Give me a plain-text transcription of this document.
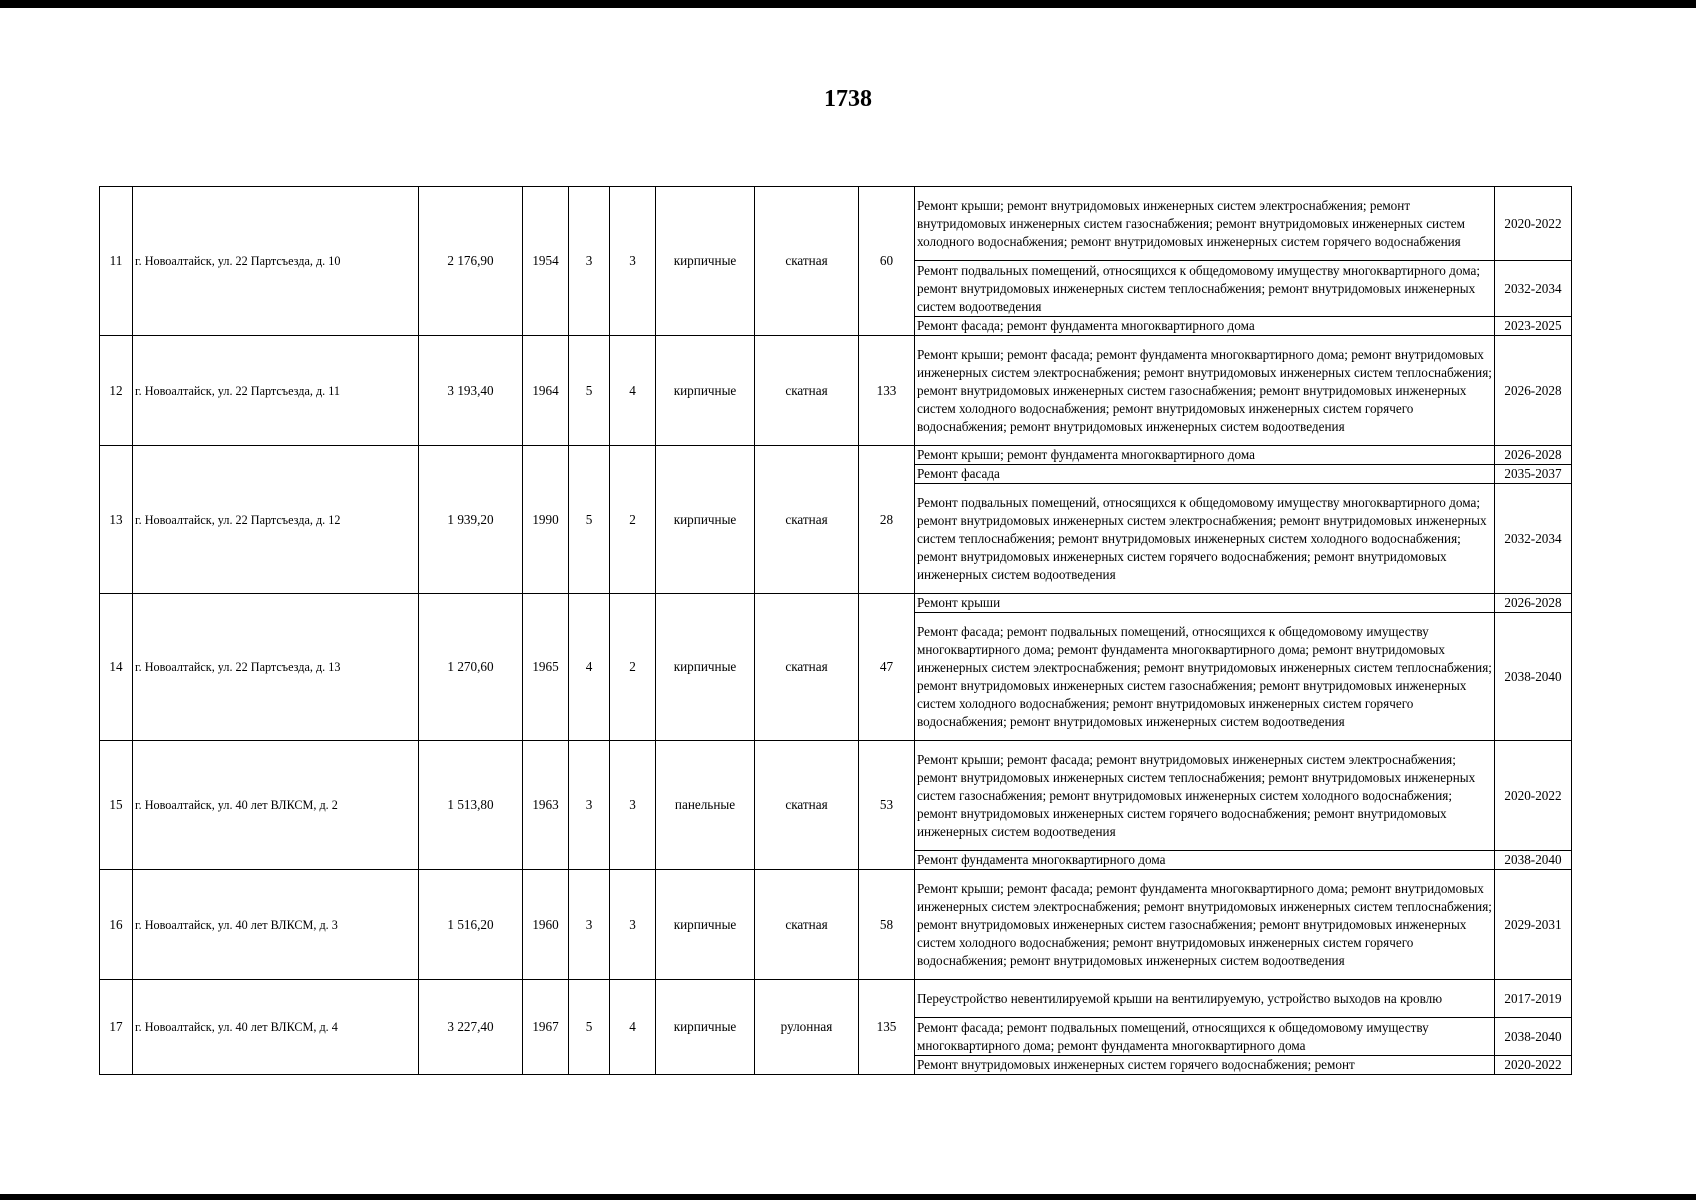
1738
11	г. Новоалтайск, ул. 22 Партсъезда, д. 10	2 176,90	1954	3	3	кирпичные	скатная	60	Ремонт крыши; ремонт внутридомовых инженерных систем электроснабжения; ремонт внутридомовых инженерных систем газоснабжения; ремонт внутридомовых инженерных систем холодного водоснабжения; ремонт внутридомовых инженерных систем горячего водоснабжения	2020-2022
									Ремонт подвальных помещений, относящихся к общедомовому имуществу многоквартирного дома; ремонт внутридомовых инженерных систем теплоснабжения; ремонт внутридомовых инженерных систем водоотведения	2032-2034
									Ремонт фасада; ремонт фундамента многоквартирного дома	2023-2025
12	г. Новоалтайск, ул. 22 Партсъезда, д. 11	3 193,40	1964	5	4	кирпичные	скатная	133	Ремонт крыши; ремонт фасада; ремонт фундамента многоквартирного дома; ремонт внутридомовых инженерных систем электроснабжения; ремонт внутридомовых инженерных систем теплоснабжения; ремонт внутридомовых инженерных систем газоснабжения; ремонт внутридомовых инженерных систем холодного водоснабжения; ремонт внутридомовых инженерных систем горячего водоснабжения; ремонт внутридомовых инженерных систем водоотведения	2026-2028
13	г. Новоалтайск, ул. 22 Партсъезда, д. 12	1 939,20	1990	5	2	кирпичные	скатная	28	Ремонт крыши; ремонт фундамента многоквартирного дома	2026-2028
									Ремонт фасада	2035-2037
									Ремонт подвальных помещений, относящихся к общедомовому имуществу многоквартирного дома; ремонт внутридомовых инженерных систем электроснабжения; ремонт внутридомовых инженерных систем теплоснабжения; ремонт внутридомовых инженерных систем холодного водоснабжения; ремонт внутридомовых инженерных систем горячего водоснабжения; ремонт внутридомовых инженерных систем водоотведения	2032-2034
14	г. Новоалтайск, ул. 22 Партсъезда, д. 13	1 270,60	1965	4	2	кирпичные	скатная	47	Ремонт крыши	2026-2028
									Ремонт фасада; ремонт подвальных помещений, относящихся к общедомовому имуществу многоквартирного дома; ремонт фундамента многоквартирного дома; ремонт внутридомовых инженерных систем электроснабжения; ремонт внутридомовых инженерных систем теплоснабжения; ремонт внутридомовых инженерных систем газоснабжения; ремонт внутридомовых инженерных систем холодного водоснабжения; ремонт внутридомовых инженерных систем горячего водоснабжения; ремонт внутридомовых инженерных систем водоотведения	2038-2040
15	г. Новоалтайск, ул. 40 лет ВЛКСМ, д. 2	1 513,80	1963	3	3	панельные	скатная	53	Ремонт крыши; ремонт фасада; ремонт внутридомовых инженерных систем электроснабжения; ремонт внутридомовых инженерных систем теплоснабжения; ремонт внутридомовых инженерных систем газоснабжения; ремонт внутридомовых инженерных систем холодного водоснабжения; ремонт внутридомовых инженерных систем горячего водоснабжения; ремонт внутридомовых инженерных систем водоотведения	2020-2022
									Ремонт фундамента многоквартирного дома	2038-2040
16	г. Новоалтайск, ул. 40 лет ВЛКСМ, д. 3	1 516,20	1960	3	3	кирпичные	скатная	58	Ремонт крыши; ремонт фасада; ремонт фундамента многоквартирного дома; ремонт внутридомовых инженерных систем электроснабжения; ремонт внутридомовых инженерных систем теплоснабжения; ремонт внутридомовых инженерных систем газоснабжения; ремонт внутридомовых инженерных систем холодного водоснабжения; ремонт внутридомовых инженерных систем горячего водоснабжения; ремонт внутридомовых инженерных систем водоотведения	2029-2031
17	г. Новоалтайск, ул. 40 лет ВЛКСМ, д. 4	3 227,40	1967	5	4	кирпичные	рулонная	135	Переустройство невентилируемой крыши на вентилируемую, устройство выходов на кровлю	2017-2019
									Ремонт фасада; ремонт подвальных помещений, относящихся к общедомовому имуществу многоквартирного дома; ремонт фундамента многоквартирного дома	2038-2040
									Ремонт внутридомовых инженерных систем горячего водоснабжения; ремонт	2020-2022
